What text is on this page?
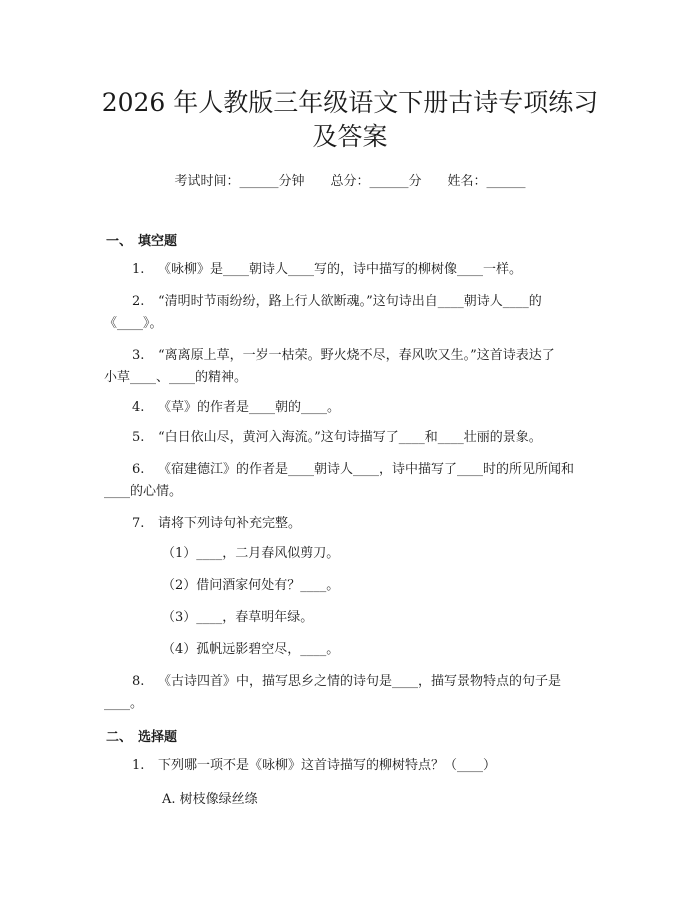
2026 年人教版三年级语文下册古诗专项练习
及答案
考试时间：______分钟 总分：______分 姓名：______
一、 填空题
1. 《咏柳》是____朝诗人____写的，诗中描写的柳树像____一样。
2. “清明时节雨纷纷，路上行人欲断魂。”这句诗出自____朝诗人____的
《____》。
3. “离离原上草，一岁一枯荣。野火烧不尽，春风吹又生。”这首诗表达了
小草____、____的精神。
4. 《草》的作者是____朝的____。
5. “白日依山尽，黄河入海流。”这句诗描写了____和____壮丽的景象。
6. 《宿建德江》的作者是____朝诗人____，诗中描写了____时的所见所闻和
____的心情。
7. 请将下列诗句补充完整。
（1）____，二月春风似剪刀。
（2）借问酒家何处有？____。
（3）____，春草明年绿。
（4）孤帆远影碧空尽，____。
8. 《古诗四首》中，描写思乡之情的诗句是____，描写景物特点的句子是
____。
二、 选择题
1. 下列哪一项不是《咏柳》这首诗描写的柳树特点？（____）
A. 树枝像绿丝绦
